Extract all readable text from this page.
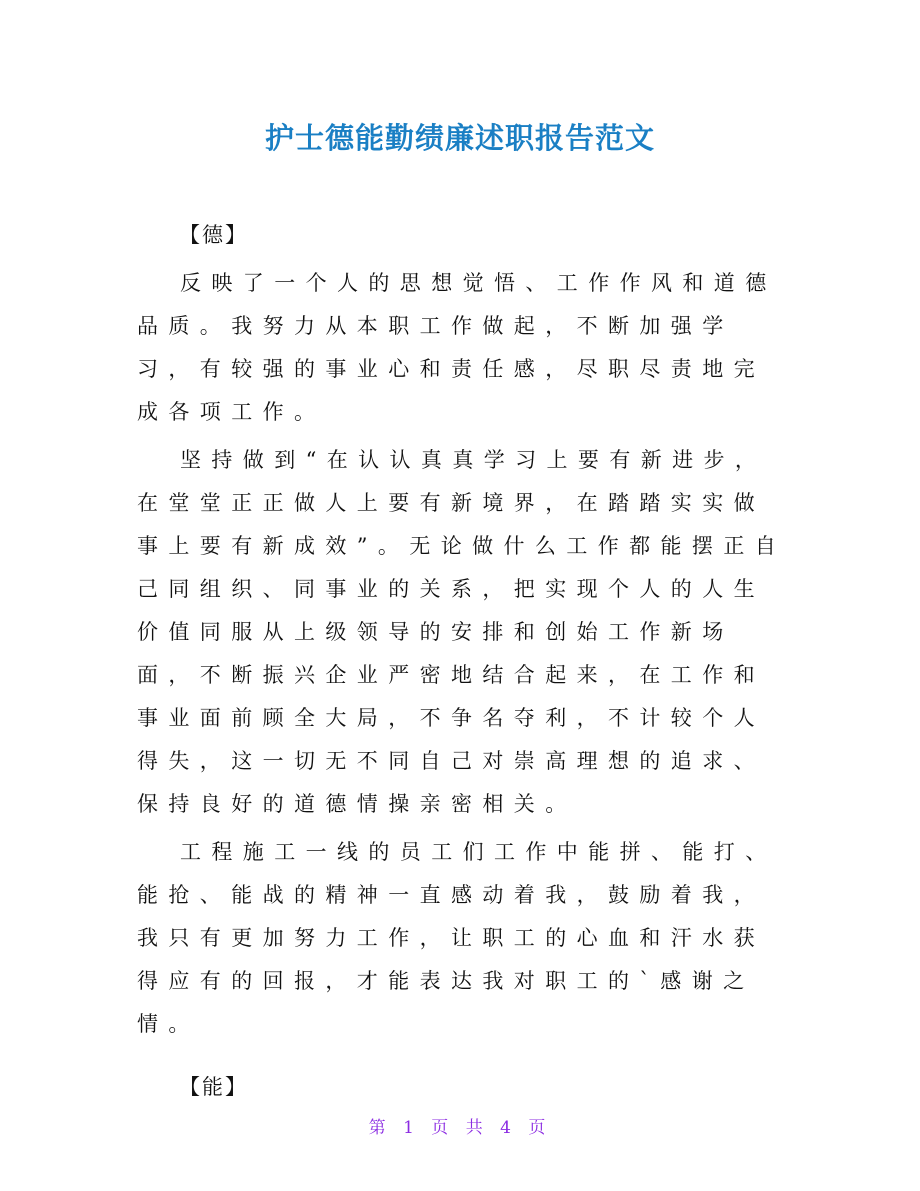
护士德能勤绩廉述职报告范文
【德】

反映了一个人的思想觉悟、工作作风和道德品质。我努力从本职工作做起，不断加强学习，有较强的事业心和责任感，尽职尽责地完成各项工作。

坚持做到“在认认真真学习上要有新进步，在堂堂正正做人上要有新境界，在踏踏实实做事上要有新成效”。无论做什么工作都能摆正自己同组织、同事业的关系，把实现个人的人生价值同服从上级领导的安排和创始工作新场面，不断振兴企业严密地结合起来，在工作和事业面前顾全大局，不争名夺利，不计较个人得失，这一切无不同自己对崇高理想的追求、保持良好的道德情操亲密相关。

工程施工一线的员工们工作中能拼、能打、能抢、能战的精神一直感动着我，鼓励着我，我只有更加努力工作，让职工的心血和汗水获得应有的回报，才能表达我对职工的`感谢之情。

【能】
第 1 页 共 4 页
